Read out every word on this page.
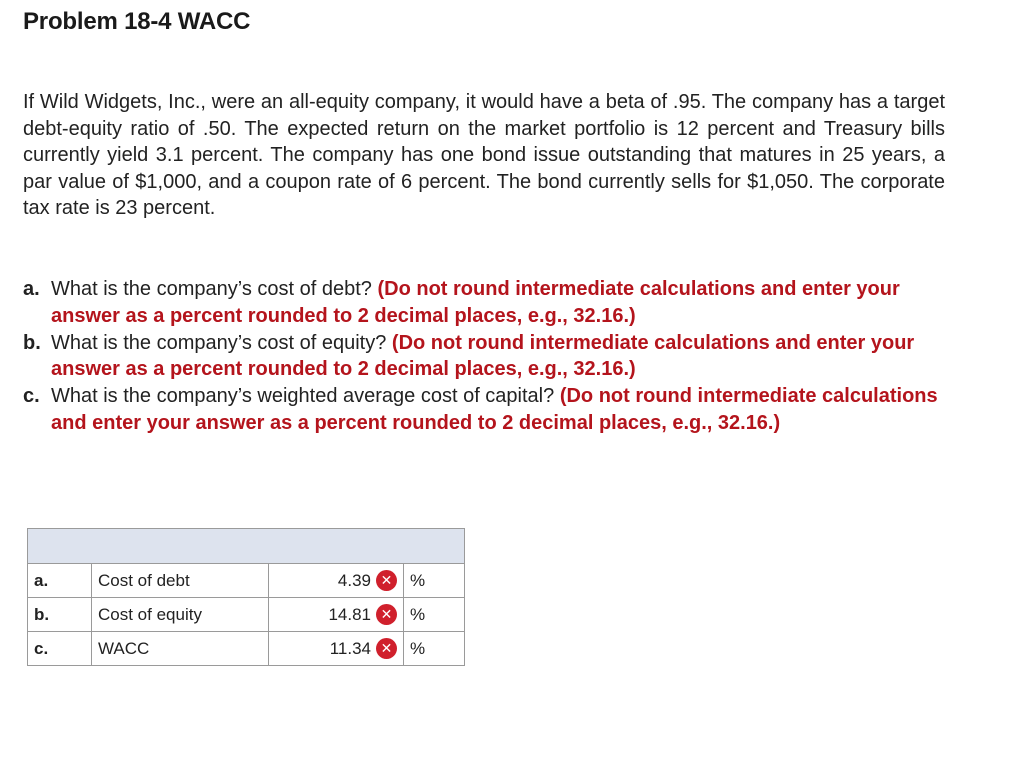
Problem 18-4 WACC
If Wild Widgets, Inc., were an all-equity company, it would have a beta of .95. The company has a target debt-equity ratio of .50. The expected return on the market portfolio is 12 percent and Treasury bills currently yield 3.1 percent. The company has one bond issue outstanding that matures in 25 years, a par value of $1,000, and a coupon rate of 6 percent. The bond currently sells for $1,050. The corporate tax rate is 23 percent.
a. What is the company’s cost of debt? (Do not round intermediate calculations and enter your answer as a percent rounded to 2 decimal places, e.g., 32.16.)
b. What is the company’s cost of equity? (Do not round intermediate calculations and enter your answer as a percent rounded to 2 decimal places, e.g., 32.16.)
c. What is the company’s weighted average cost of capital? (Do not round intermediate calculations and enter your answer as a percent rounded to 2 decimal places, e.g., 32.16.)

a.	Cost of debt	4.39 ✕	%
b.	Cost of equity	14.81 ✕	%
c.	WACC	11.34 ✕	%
